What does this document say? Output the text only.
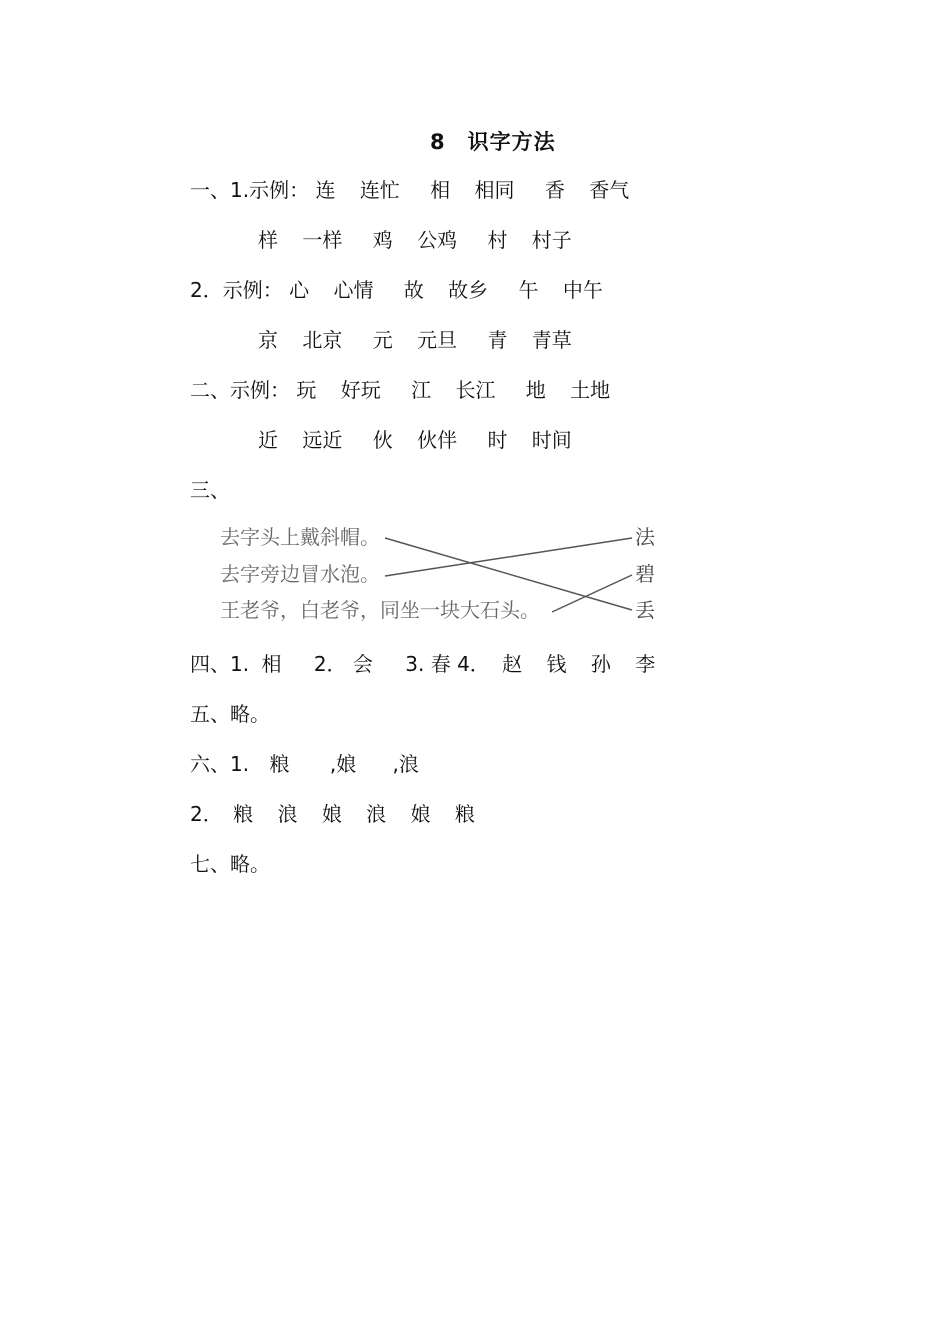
8 识字方法
一、1.示例： 连 连忙 相 相同 香 香气
样 一样 鸡 公鸡 村 村子
2．示例： 心 心情 故 故乡 午 中午
京 北京 元 元旦 青 青草
二、示例： 玩 好玩 江 长江 地 土地
近 远近 伙 伙伴 时 时间
三、
去字头上戴斜帽。
去字旁边冒水泡。
王老爷，白老爷，同坐一块大石头。
法
碧
丢
四、1. 相 2． 会 3. 春 4． 赵 钱 孙 李
五、略。
六、1. 粮 ,娘 ,浪
2． 粮 浪 娘 浪 娘 粮
七、略。
